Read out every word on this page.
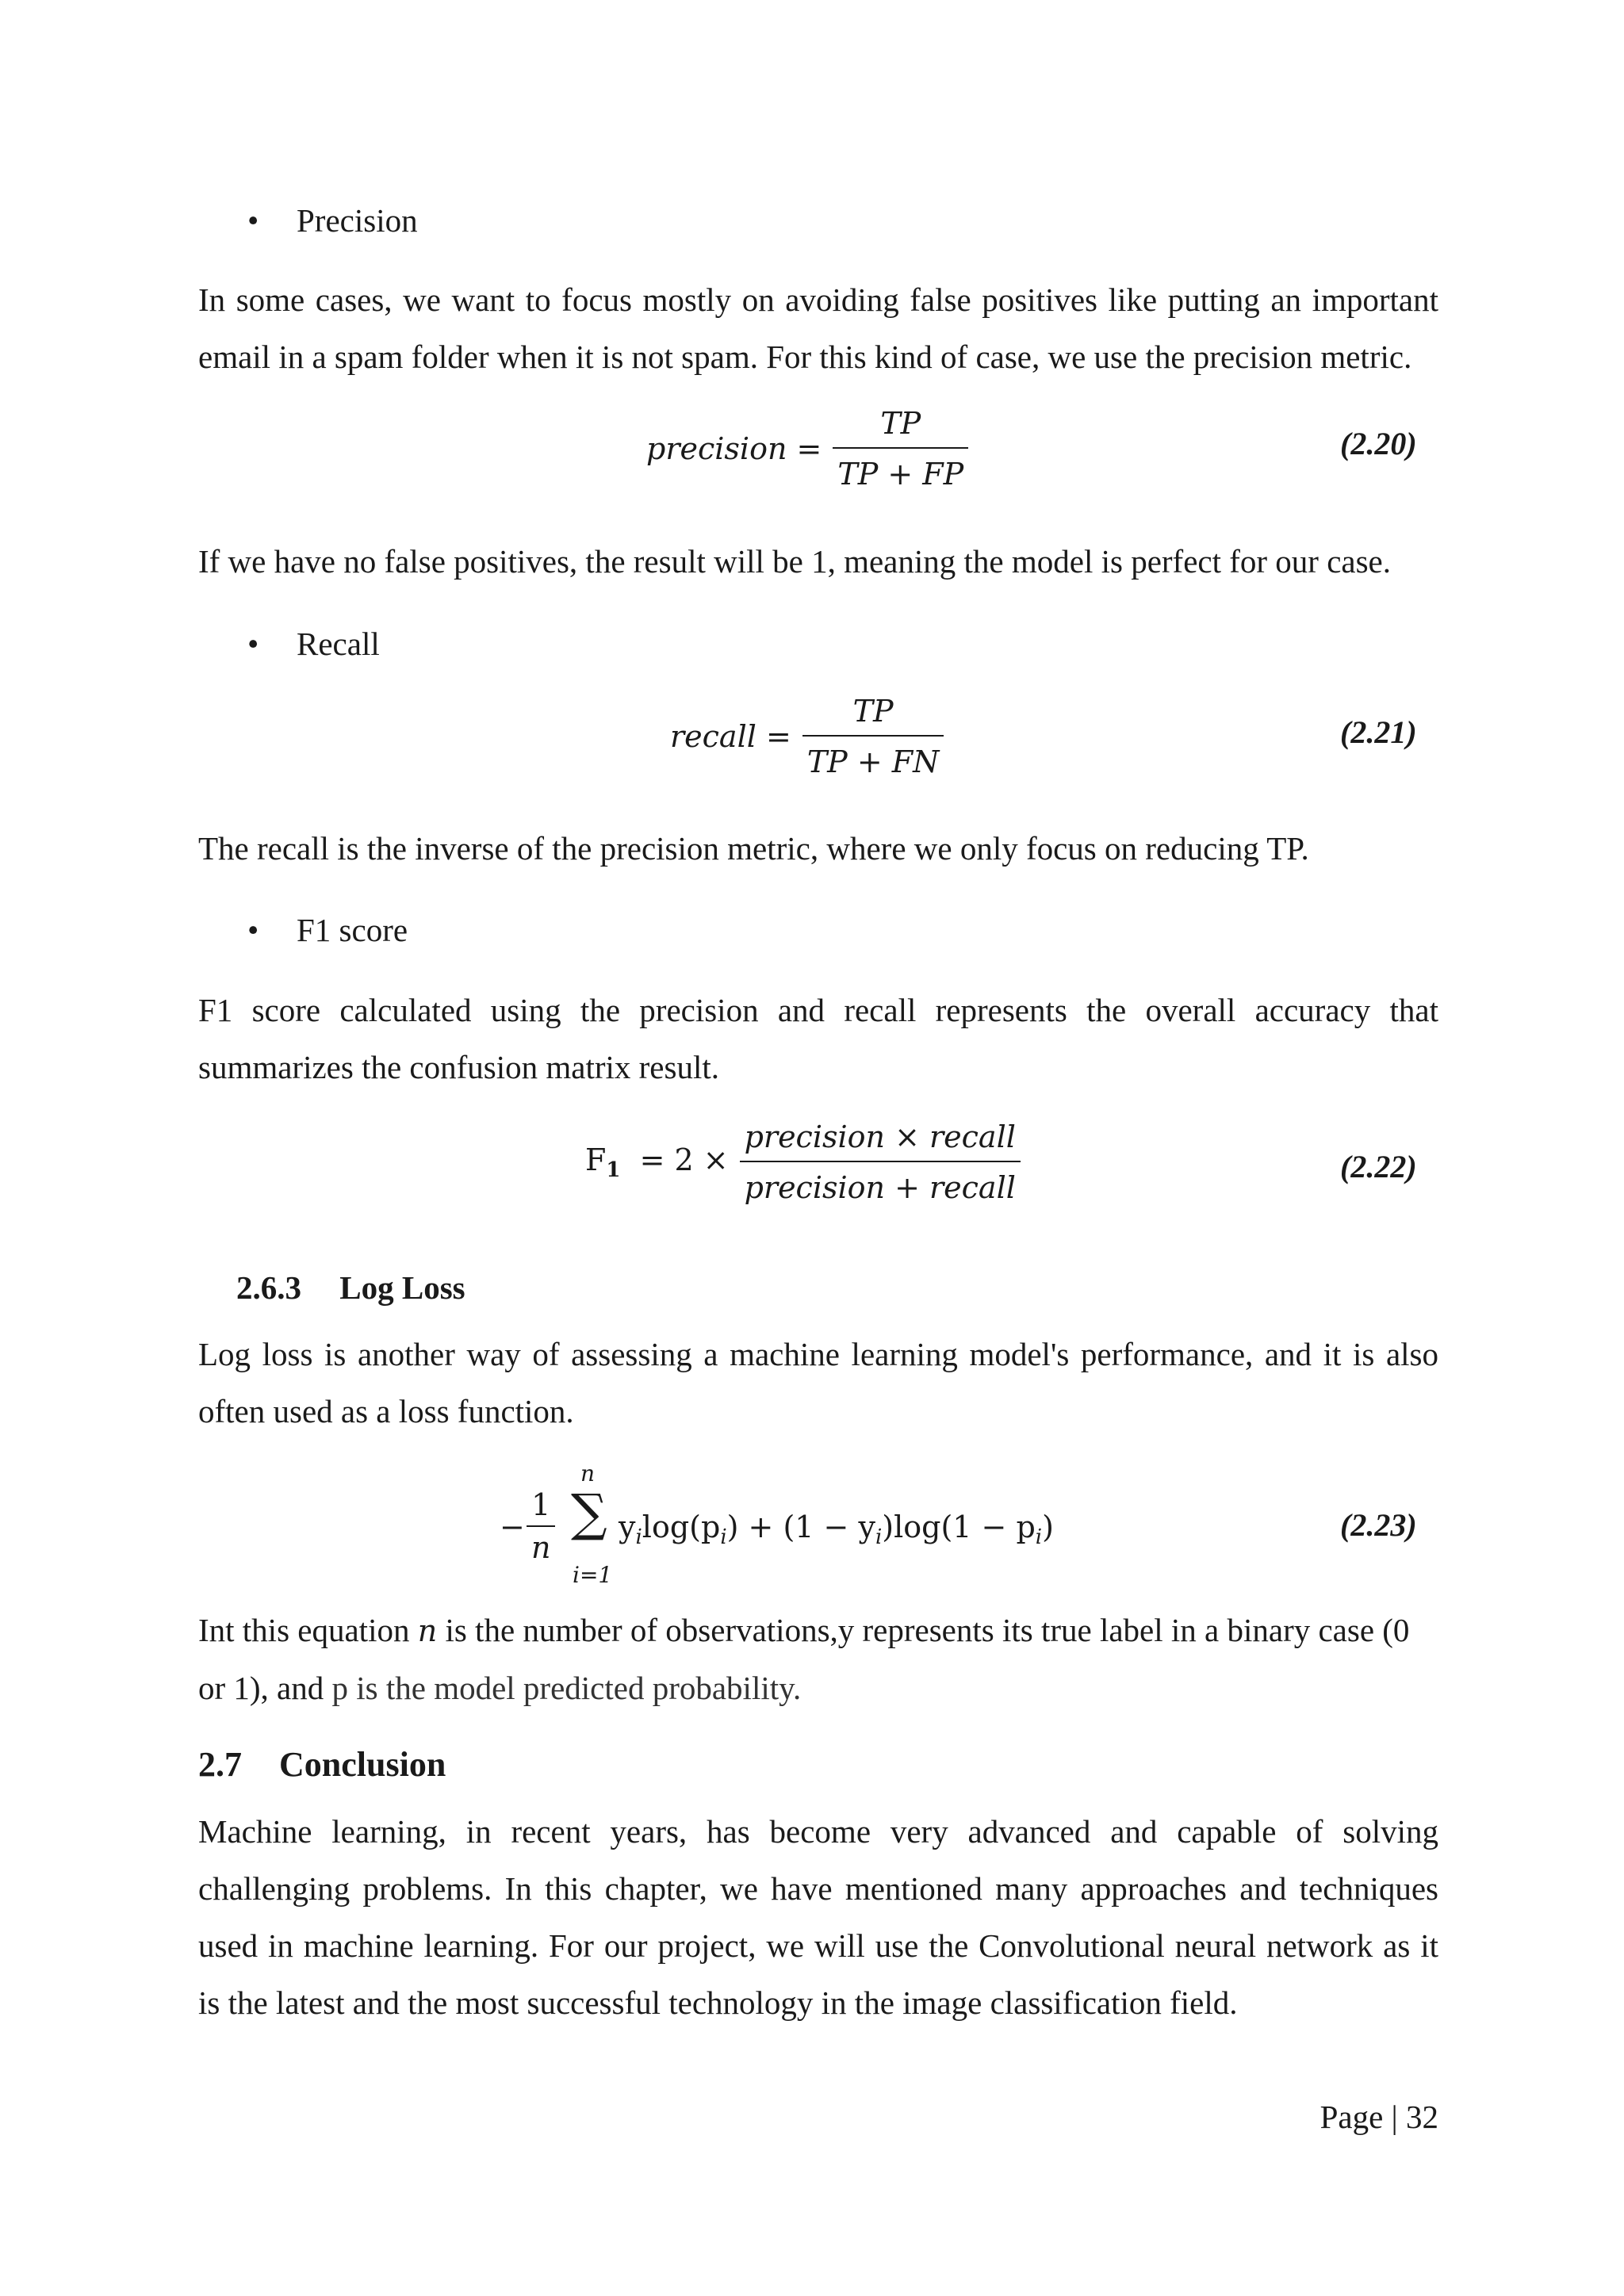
• Precision
In some cases, we want to focus mostly on avoiding false positives like putting an important
email in a spam folder when it is not spam. For this kind of case, we use the precision metric.
precision = $\frac{TP}{TP + FP}$	(2.20)
If we have no false positives, the result will be 1, meaning the model is perfect for our case.
• Recall
recall = $\frac{TP}{TP + FN}$	(2.21)
The recall is the inverse of the precision metric, where we only focus on reducing TP.
• F1 score
F1 score calculated using the precision and recall represents the overall accuracy that
summarizes the confusion matrix result.
$F_1 = 2 \times \frac{\text{precision × recall}}{\text{precision + recall}}$	(2.22)
2.6.3 Log Loss
Log loss is another way of assessing a machine learning model's performance, and it is also
often used as a loss function.
− $\frac{1}{n}$
n
∑
i=1
$y_i\log(p_i) + (1 - y_i)\log(1 - p_i)$	(2.23)
Int this equation n is the number of observations,y represents its true label in a binary case (0
or 1), and p is the model predicted probability.
2.7 Conclusion
Machine learning, in recent years, has become very advanced and capable of solving
challenging problems. In this chapter, we have mentioned many approaches and techniques
used in machine learning. For our project, we will use the Convolutional neural network as it
is the latest and the most successful technology in the image classification field.
Page | 32
